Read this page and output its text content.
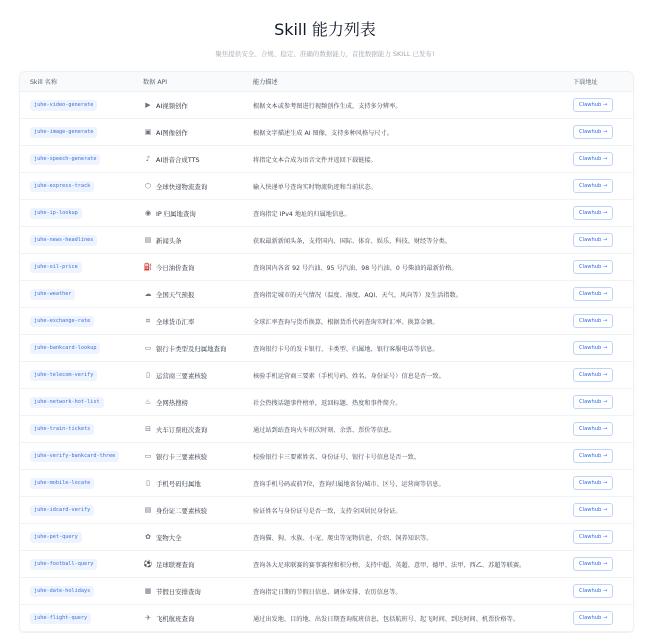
Skill 能力列表
聚焦提供安全、合规、稳定、准确的数据能力，首批数据能力 SKILL 已发布!
Skill 名称	数据 API	能力描述	下载地址
juhe-video-generate	▶ AI视频创作	根据文本或参考图进行视频创作生成，支持多分辨率。	Clawhub →
juhe-image-generate	▣ AI图像创作	根据文字描述生成 AI 图像，支持多种风格与尺寸。	Clawhub →
juhe-speech-generate	♪ AI语音合成TTS	将指定文本合成为语音文件并返回下载链接。	Clawhub →
juhe-express-track	⬡ 全球快递物流查询	输入快递单号查询实时物流轨迹和当前状态。	Clawhub →
juhe-ip-lookup	◉ IP 归属地查询	查询指定 IPv4 地址的归属地信息。	Clawhub →
juhe-news-headlines	▤ 新闻头条	获取最新新闻头条，支持国内、国际、体育、娱乐、科技、财经等分类。	Clawhub →
juhe-oil-price	⛽ 今日油价查询	查询国内各省 92 号汽油、95 号汽油、98 号汽油、0 号柴油的最新价格。	Clawhub →
juhe-weather	☁ 全国天气预报	查询指定城市的天气情况（温度、湿度、AQI、天气、风向等）及生活指数。	Clawhub →
juhe-exchange-rate	¤ 全球货币汇率	全球汇率查询与货币换算，根据货币代码查询实时汇率、换算金额。	Clawhub →
juhe-bankcard-lookup	▭ 银行卡类型及归属地查询	查询银行卡号的发卡银行、卡类型、归属地、银行客服电话等信息。	Clawhub →
juhe-telecom-verify	▯ 运营商三要素核验	核验手机运营商三要素（手机号码、姓名、身份证号）信息是否一致。	Clawhub →
juhe-network-hot-list	♨ 全网热搜榜	社会热搜话题事件榜单，返回标题、热度和事件简介。	Clawhub →
juhe-train-tickets	⊟ 火车订票班次查询	通过站到站查询火车班次时刻、余票、票价等信息。	Clawhub →
juhe-verify-bankcard-three	▭ 银行卡三要素核验	校验银行卡三要素姓名、身份证号、银行卡号信息是否一致。	Clawhub →
juhe-mobile-locate	▯ 手机号码归属地	查询手机号码或前7位，查询归属地省份/城市、区号、运营商等信息。	Clawhub →
juhe-idcard-verify	▤ 身份证二要素核验	验证姓名与身份证号是否一致，支持全国居民身份证。	Clawhub →
juhe-pet-query	✿ 宠物大全	查询猫、狗、水族、小宠、爬虫等宠物信息，介绍、饲养知识等。	Clawhub →
juhe-football-query	⚽ 足球联赛查询	查询各大足球联赛的赛事赛程和积分榜，支持中超、英超、意甲、德甲、法甲、西乙、苏超等联赛。	Clawhub →
juhe-date-holidays	▦ 节假日安排查询	查询指定日期的节假日信息、调休安排、农历信息等。	Clawhub →
juhe-flight-query	✈ 飞机航班查询	通过出发地、目的地、出发日期查询航班信息，包括航班号、起飞时间、到达时间、机票价格等。	Clawhub →
